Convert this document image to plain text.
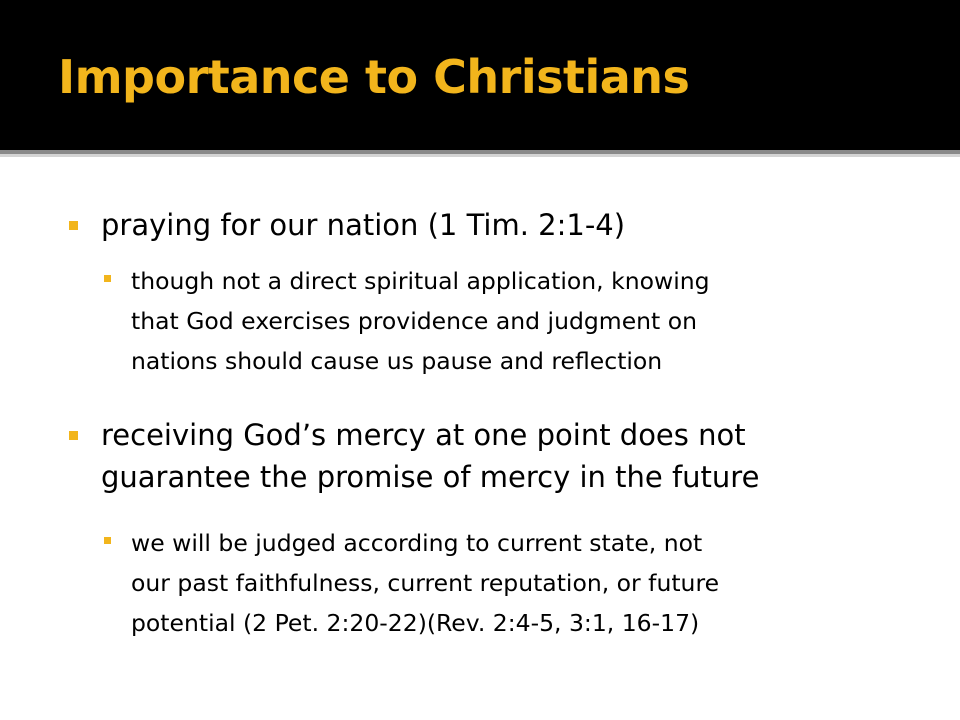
Importance to Christians
praying for our nation (1 Tim. 2:1-4)
though not a direct spiritual application, knowing
that God exercises providence and judgment on
nations should cause us pause and reflection
receiving God’s mercy at one point does not
guarantee the promise of mercy in the future
we will be judged according to current state, not
our past faithfulness, current reputation, or future
potential (2 Pet. 2:20-22)(Rev. 2:4-5, 3:1, 16-17)
